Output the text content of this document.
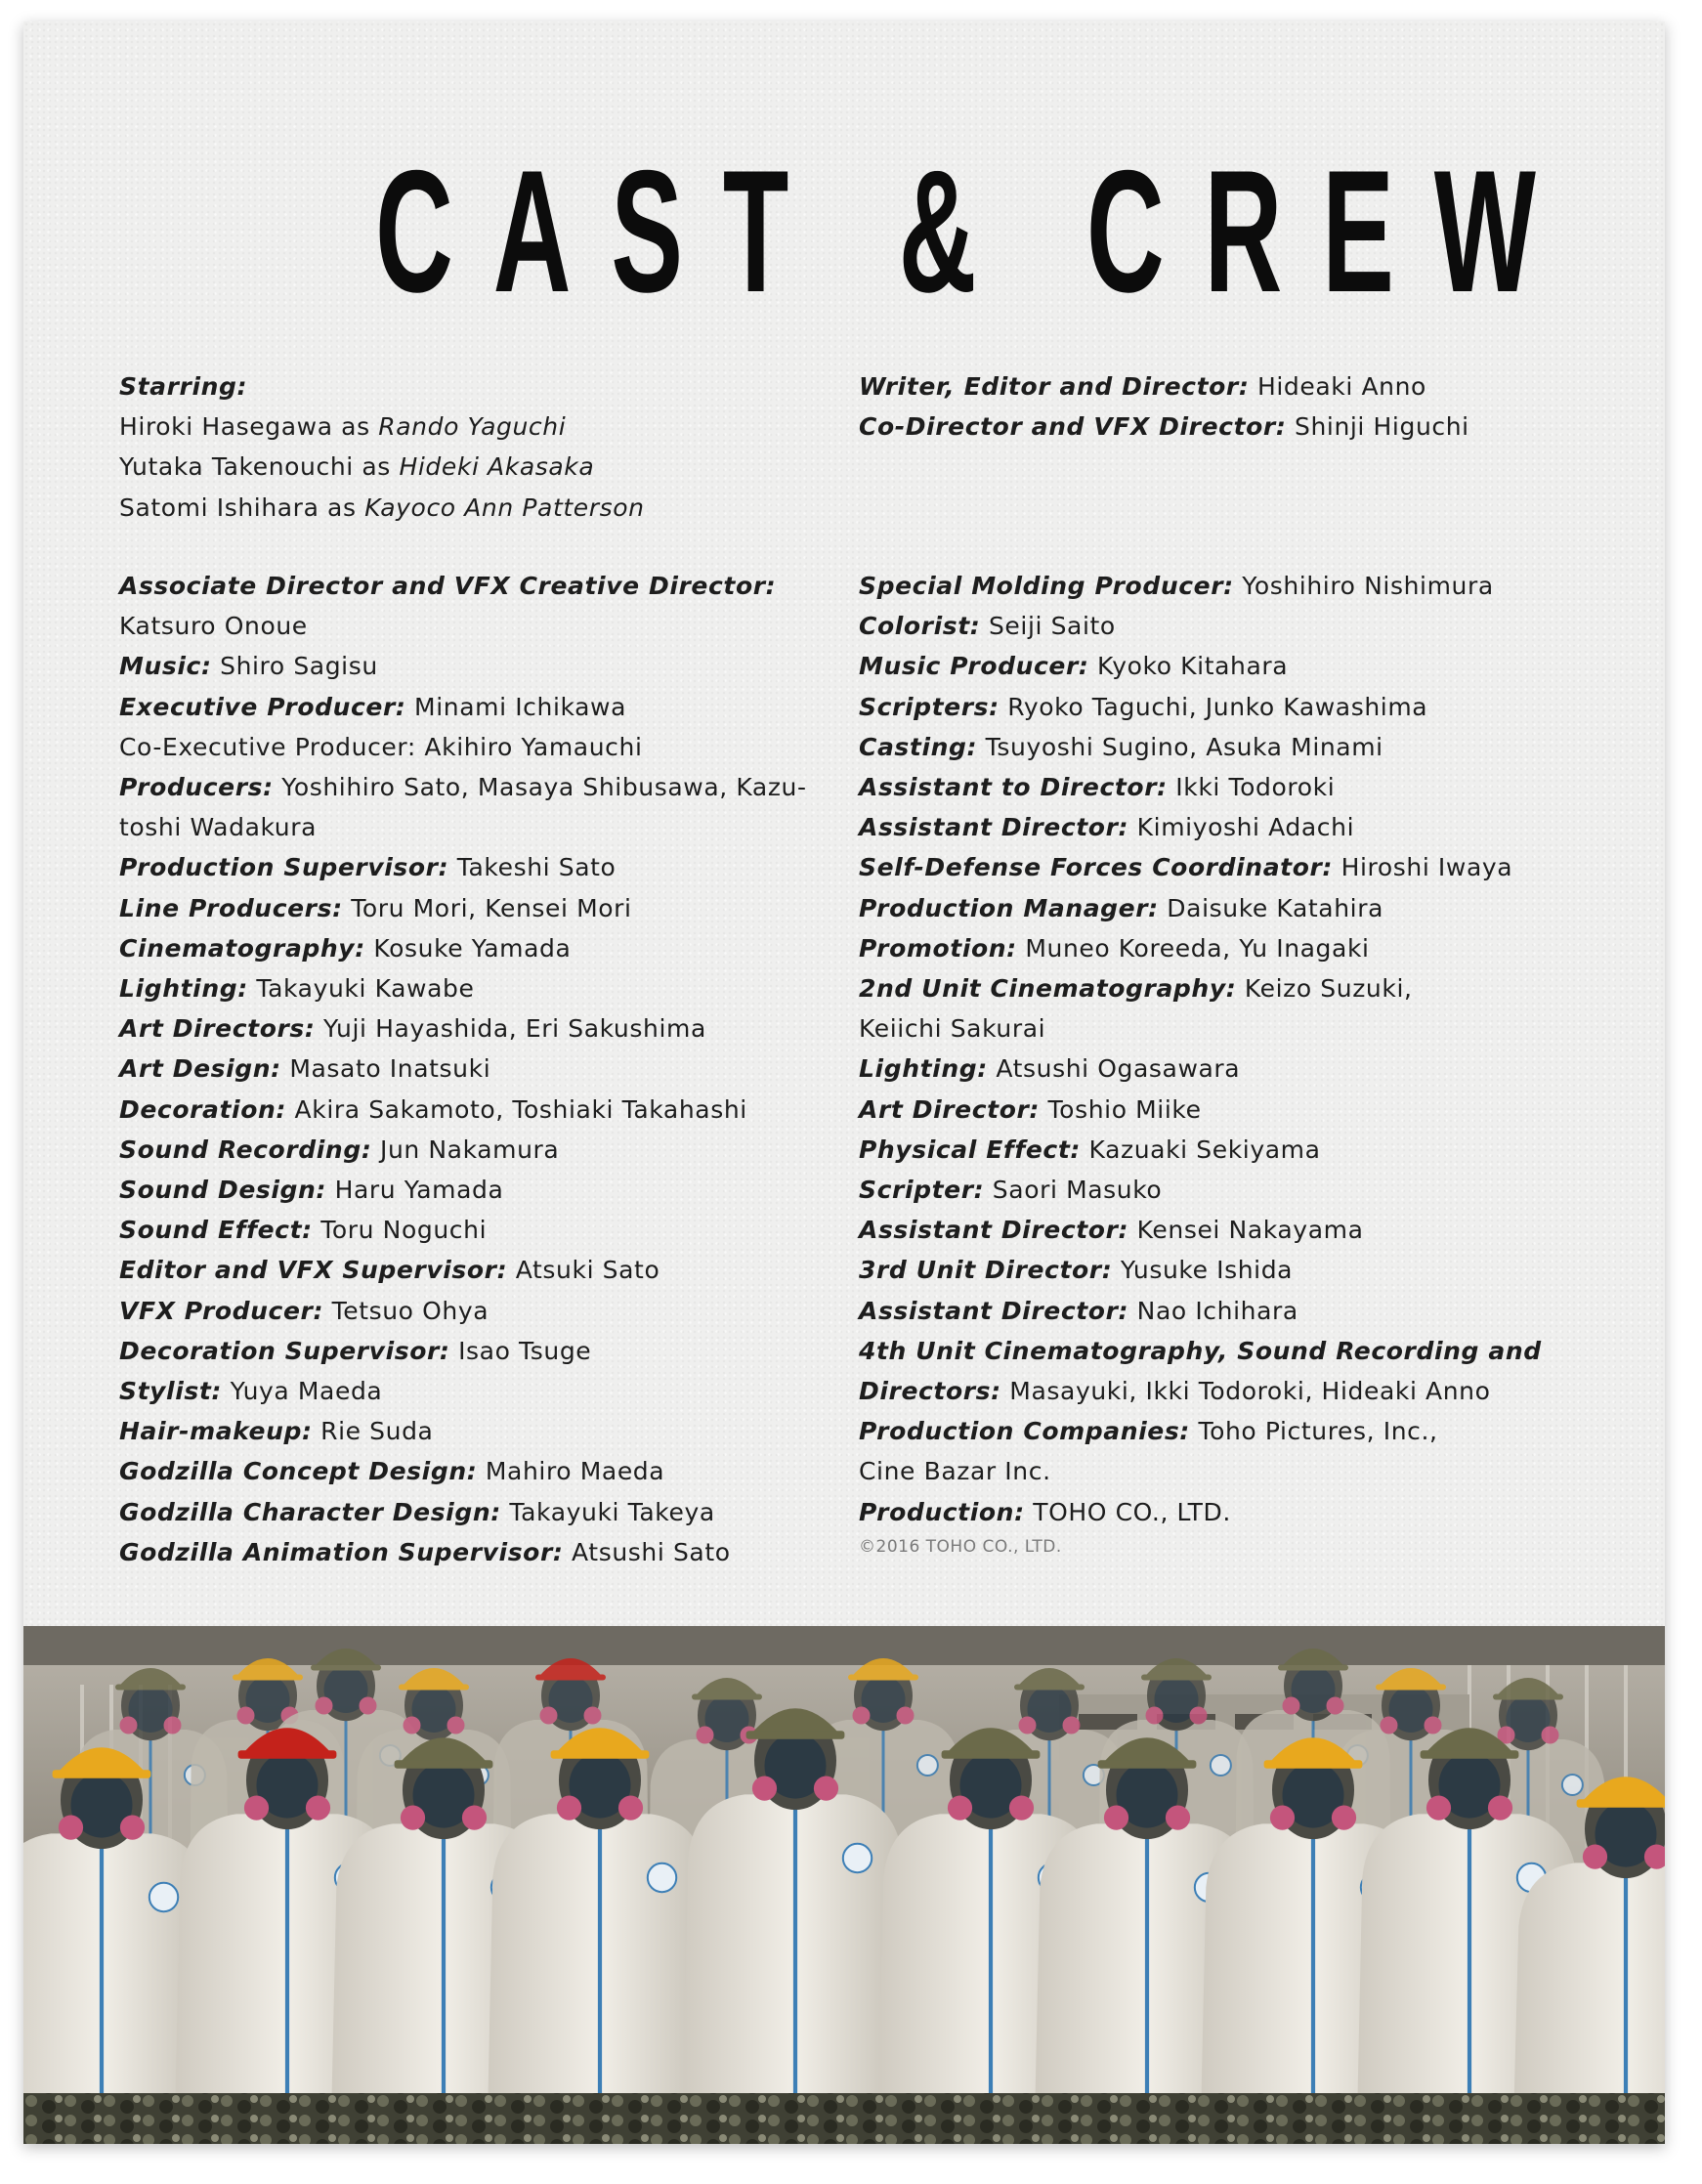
CAST & CREW
Starring:
Hiroki Hasegawa as Rando Yaguchi
Yutaka Takenouchi as Hideki Akasaka
Satomi Ishihara as Kayoco Ann Patterson
Writer, Editor and Director: Hideaki Anno
Co-Director and VFX Director: Shinji Higuchi
Associate Director and VFX Creative Director:
Katsuro Onoue
Music: Shiro Sagisu
Executive Producer: Minami Ichikawa
Co-Executive Producer: Akihiro Yamauchi
Producers: Yoshihiro Sato, Masaya Shibusawa, Kazu-
toshi Wadakura
Production Supervisor: Takeshi Sato
Line Producers: Toru Mori, Kensei Mori
Cinematography: Kosuke Yamada
Lighting: Takayuki Kawabe
Art Directors: Yuji Hayashida, Eri Sakushima
Art Design: Masato Inatsuki
Decoration: Akira Sakamoto, Toshiaki Takahashi
Sound Recording: Jun Nakamura
Sound Design: Haru Yamada
Sound Effect: Toru Noguchi
Editor and VFX Supervisor: Atsuki Sato
VFX Producer: Tetsuo Ohya
Decoration Supervisor: Isao Tsuge
Stylist: Yuya Maeda
Hair-makeup: Rie Suda
Godzilla Concept Design: Mahiro Maeda
Godzilla Character Design: Takayuki Takeya
Godzilla Animation Supervisor: Atsushi Sato
Special Molding Producer: Yoshihiro Nishimura
Colorist: Seiji Saito
Music Producer: Kyoko Kitahara
Scripters: Ryoko Taguchi, Junko Kawashima
Casting: Tsuyoshi Sugino, Asuka Minami
Assistant to Director: Ikki Todoroki
Assistant Director: Kimiyoshi Adachi
Self-Defense Forces Coordinator: Hiroshi Iwaya
Production Manager: Daisuke Katahira
Promotion: Muneo Koreeda, Yu Inagaki
2nd Unit Cinematography: Keizo Suzuki,
Keiichi Sakurai
Lighting: Atsushi Ogasawara
Art Director: Toshio Miike
Physical Effect: Kazuaki Sekiyama
Scripter: Saori Masuko
Assistant Director: Kensei Nakayama
3rd Unit Director: Yusuke Ishida
Assistant Director: Nao Ichihara
4th Unit Cinematography, Sound Recording and
Directors: Masayuki, Ikki Todoroki, Hideaki Anno
Production Companies: Toho Pictures, Inc.,
Cine Bazar Inc.
Production: TOHO CO., LTD.
©2016 TOHO CO., LTD.
